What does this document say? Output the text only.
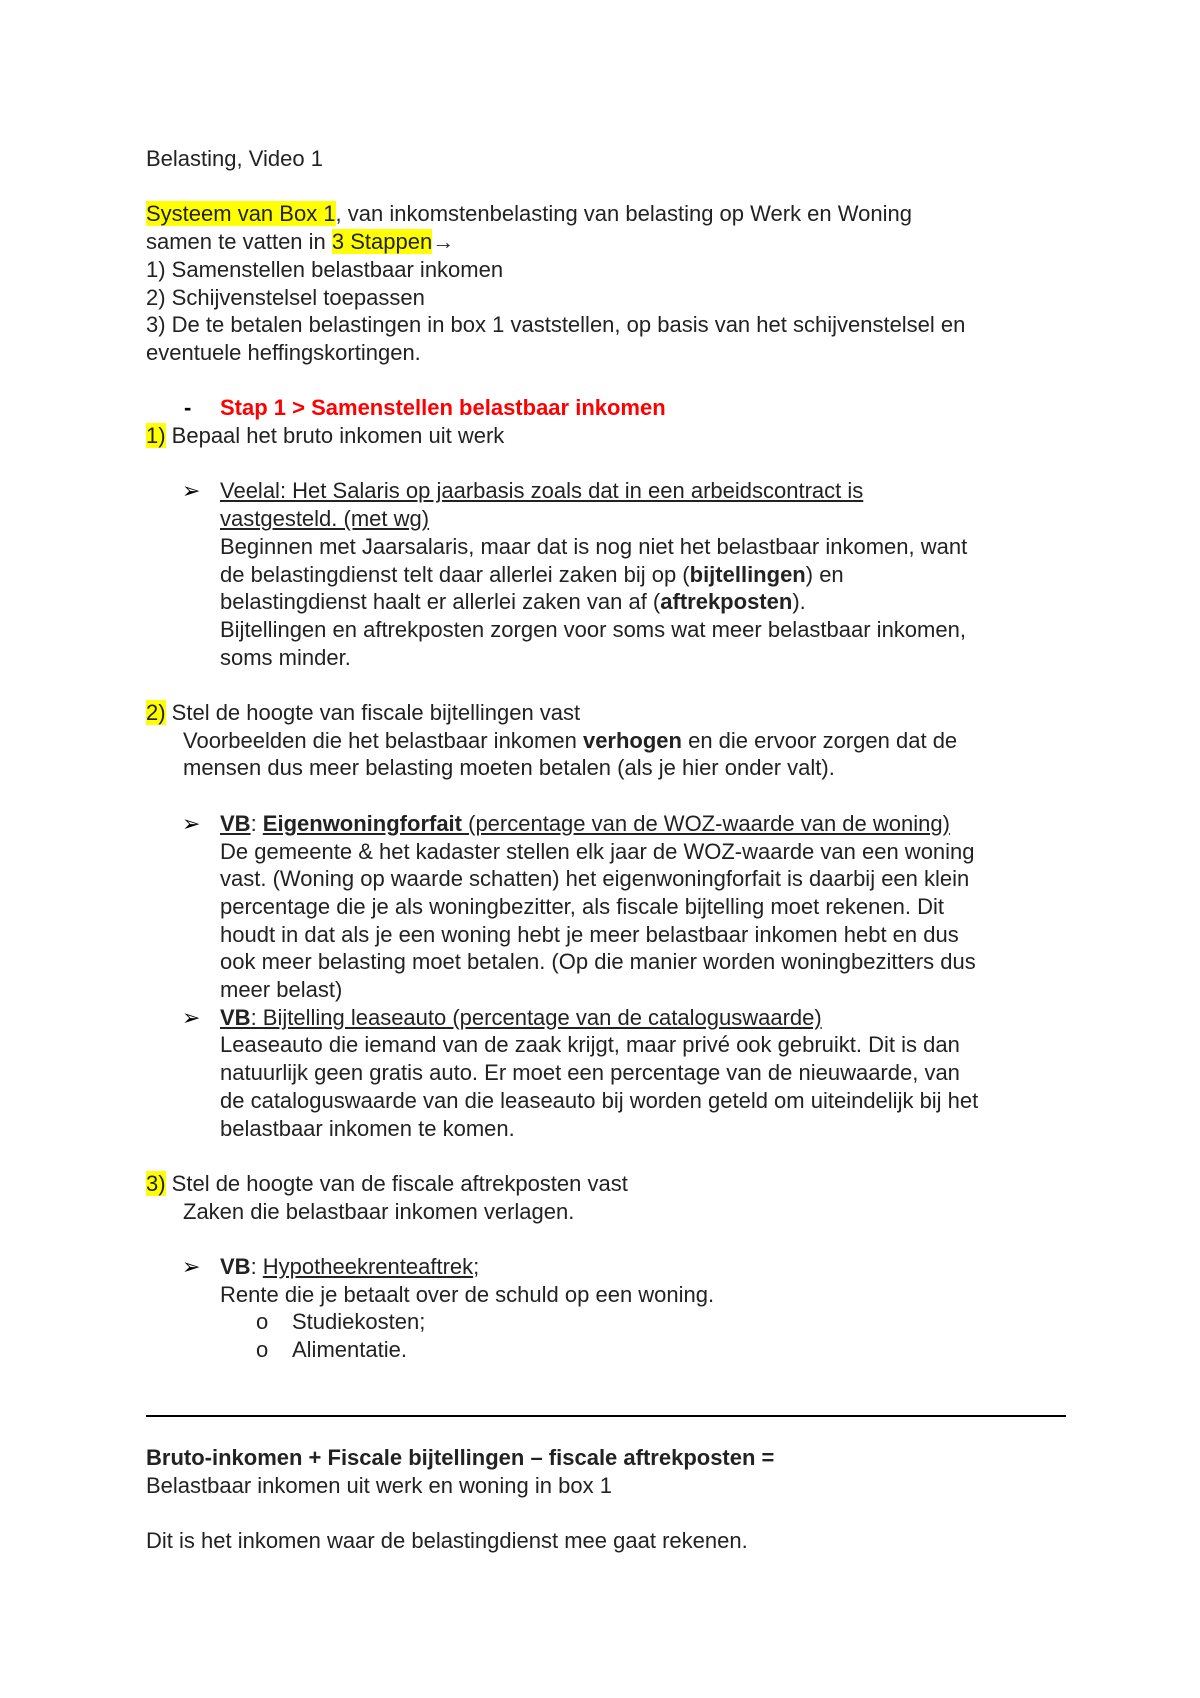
Belasting, Video 1
Systeem van Box 1, van inkomstenbelasting van belasting op Werk en Woning
samen te vatten in 3 Stappen→
1) Samenstellen belastbaar inkomen
2) Schijvenstelsel toepassen
3) De te betalen belastingen in box 1 vaststellen, op basis van het schijvenstelsel en
eventuele heffingskortingen.
- Stap 1 > Samenstellen belastbaar inkomen
1) Bepaal het bruto inkomen uit werk
➢ Veelal: Het Salaris op jaarbasis zoals dat in een arbeidscontract is
vastgesteld. (met wg)
Beginnen met Jaarsalaris, maar dat is nog niet het belastbaar inkomen, want
de belastingdienst telt daar allerlei zaken bij op (bijtellingen) en
belastingdienst haalt er allerlei zaken van af (aftrekposten).
Bijtellingen en aftrekposten zorgen voor soms wat meer belastbaar inkomen,
soms minder.
2) Stel de hoogte van fiscale bijtellingen vast
Voorbeelden die het belastbaar inkomen verhogen en die ervoor zorgen dat de
mensen dus meer belasting moeten betalen (als je hier onder valt).
➢ VB: Eigenwoningforfait (percentage van de WOZ-waarde van de woning)
De gemeente & het kadaster stellen elk jaar de WOZ-waarde van een woning
vast. (Woning op waarde schatten) het eigenwoningforfait is daarbij een klein
percentage die je als woningbezitter, als fiscale bijtelling moet rekenen. Dit
houdt in dat als je een woning hebt je meer belastbaar inkomen hebt en dus
ook meer belasting moet betalen. (Op die manier worden woningbezitters dus
meer belast)
➢ VB: Bijtelling leaseauto (percentage van de cataloguswaarde)
Leaseauto die iemand van de zaak krijgt, maar privé ook gebruikt. Dit is dan
natuurlijk geen gratis auto. Er moet een percentage van de nieuwaarde, van
de cataloguswaarde van die leaseauto bij worden geteld om uiteindelijk bij het
belastbaar inkomen te komen.
3) Stel de hoogte van de fiscale aftrekposten vast
Zaken die belastbaar inkomen verlagen.
➢ VB: Hypotheekrenteaftrek;
Rente die je betaalt over de schuld op een woning.
o Studiekosten;
o Alimentatie.
Bruto-inkomen + Fiscale bijtellingen – fiscale aftrekposten =
Belastbaar inkomen uit werk en woning in box 1
Dit is het inkomen waar de belastingdienst mee gaat rekenen.
